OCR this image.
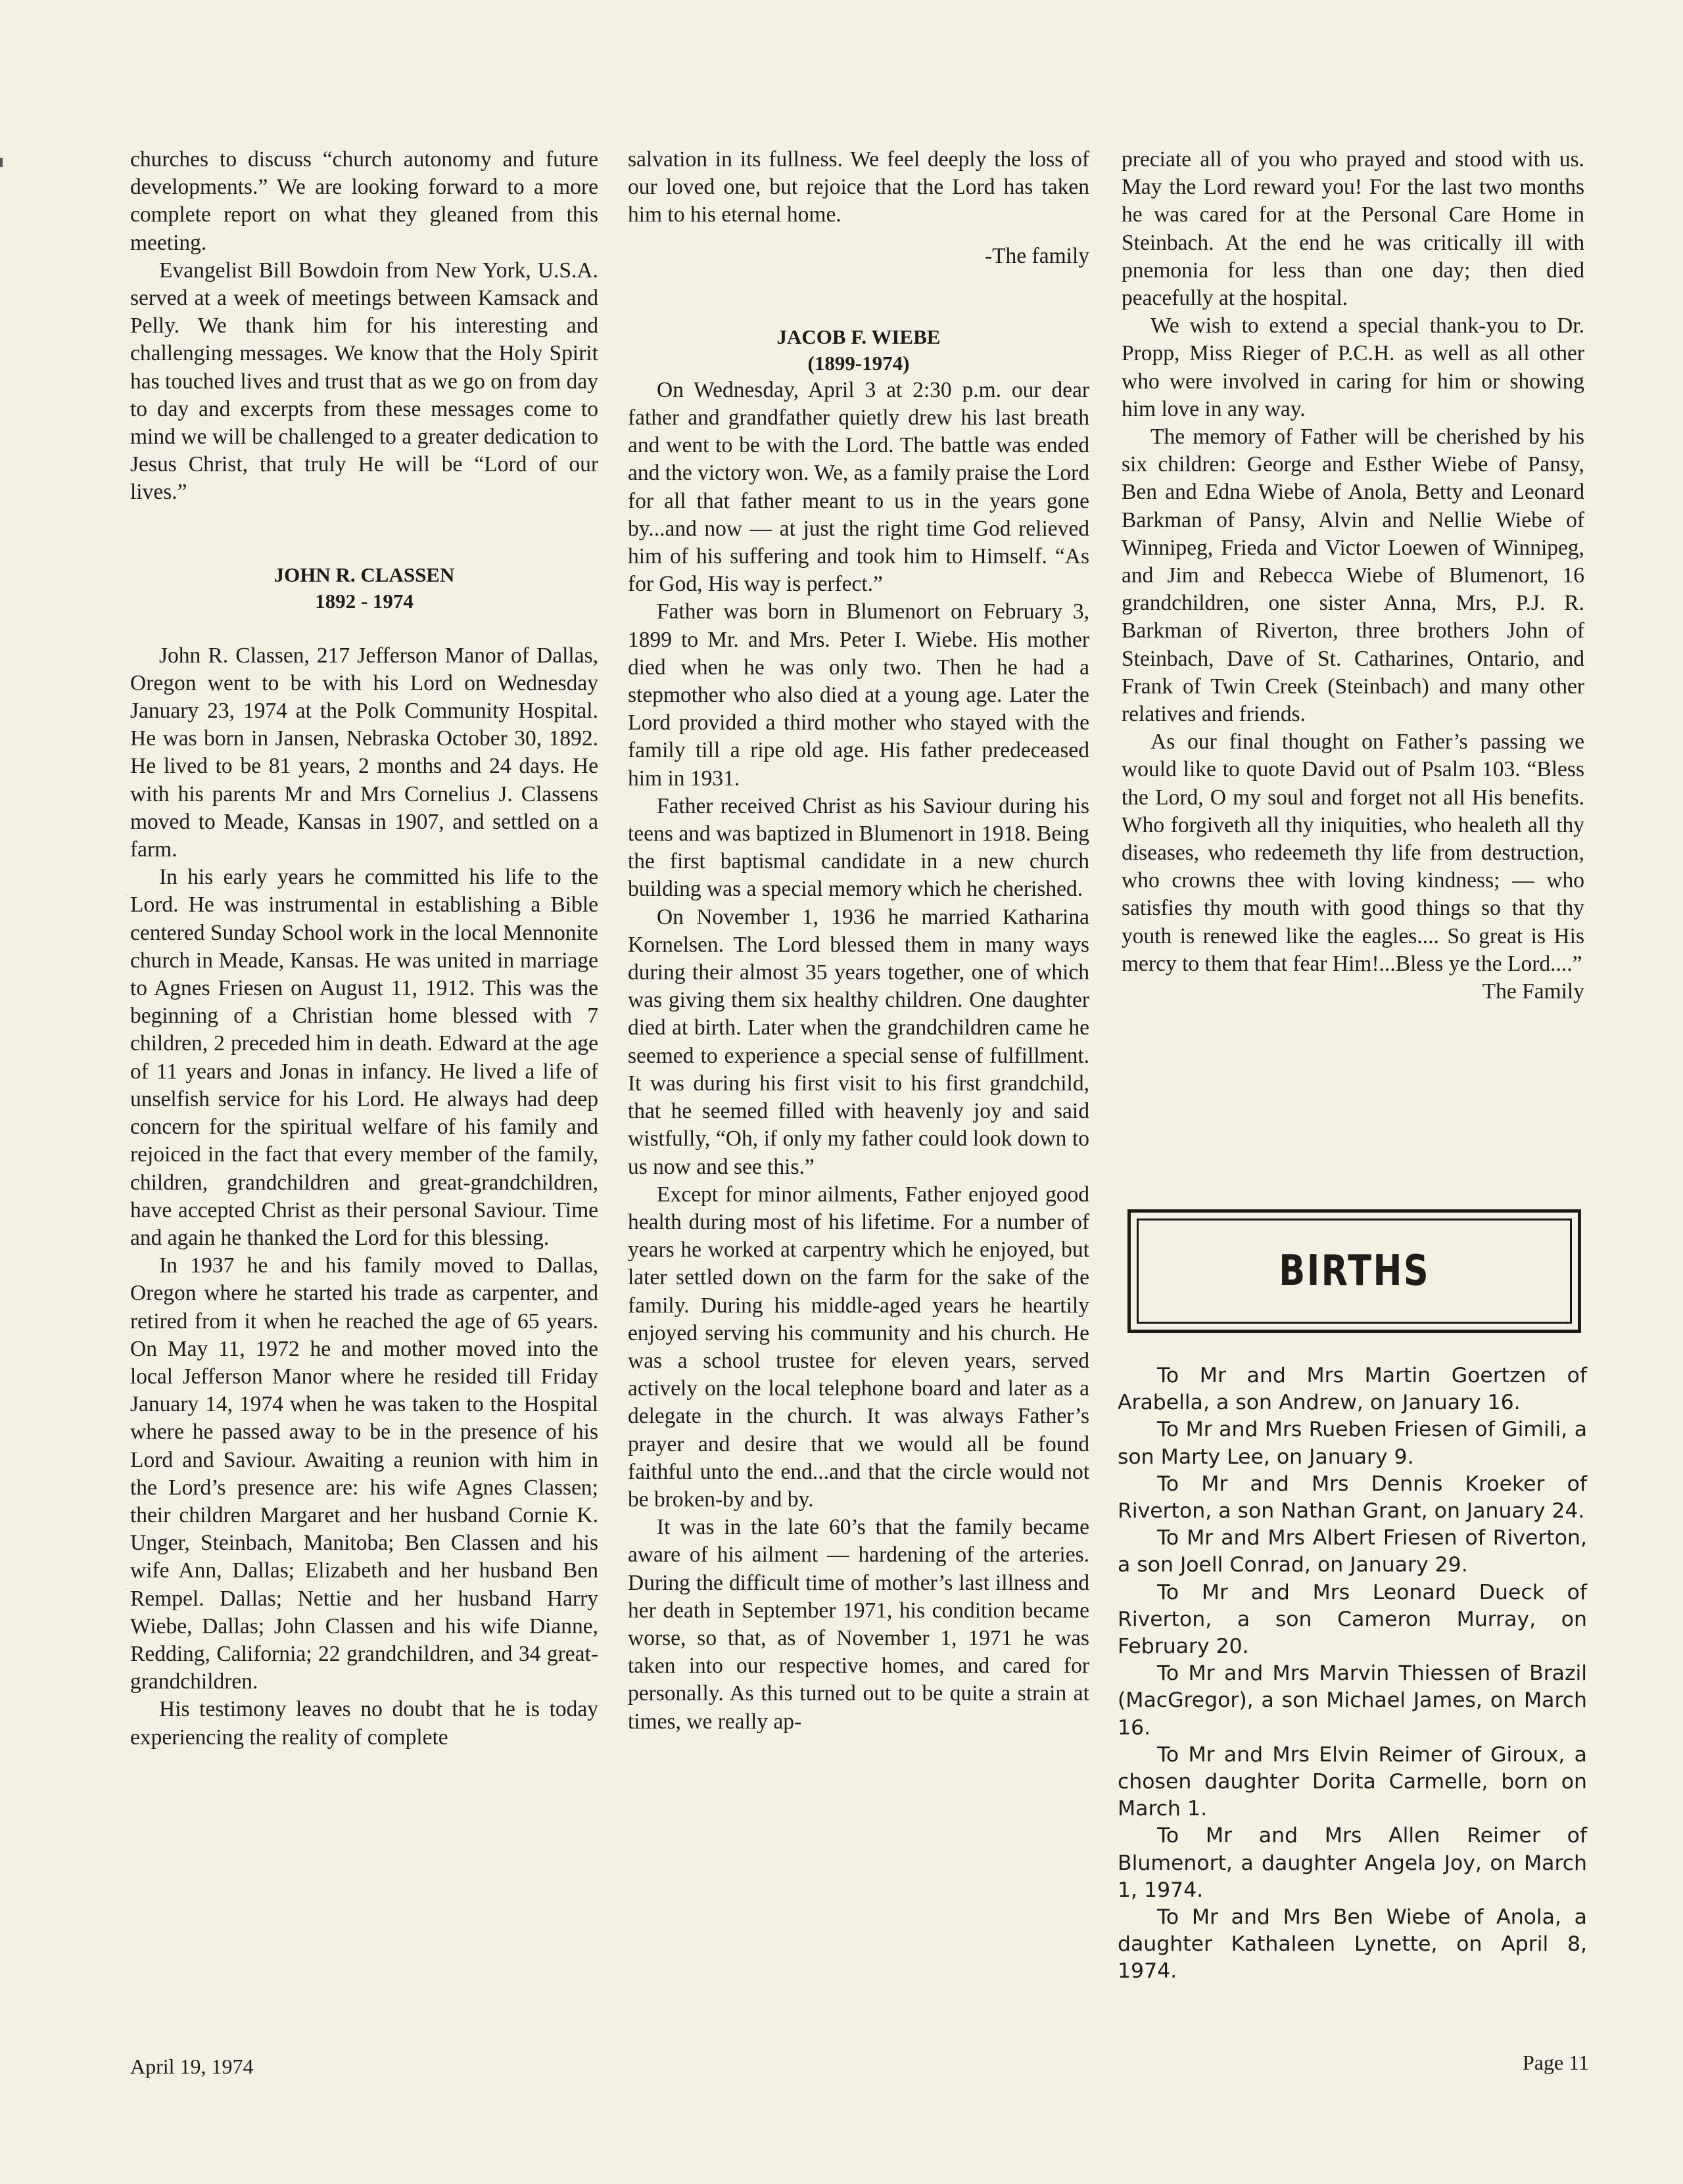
churches to discuss “church autonomy and future developments.” We are looking forward to a more complete report on what they gleaned from this meeting.

Evangelist Bill Bowdoin from New York, U.S.A. served at a week of meetings between Kamsack and Pelly. We thank him for his interesting and challenging messages. We know that the Holy Spirit has touched lives and trust that as we go on from day to day and excerpts from these messages come to mind we will be challenged to a greater dedication to Jesus Christ, that truly He will be “Lord of our lives.”

JOHN R. CLASSEN
1892 - 1974

John R. Classen, 217 Jefferson Manor of Dallas, Oregon went to be with his Lord on Wednesday January 23, 1974 at the Polk Community Hospital. He was born in Jansen, Nebraska October 30, 1892. He lived to be 81 years, 2 months and 24 days. He with his parents Mr and Mrs Cornelius J. Classens moved to Meade, Kansas in 1907, and settled on a farm.

In his early years he committed his life to the Lord. He was instrumental in establishing a Bible centered Sunday School work in the local Mennonite church in Meade, Kansas. He was united in marriage to Agnes Friesen on August 11, 1912. This was the beginning of a Christian home blessed with 7 children, 2 preceded him in death. Edward at the age of 11 years and Jonas in infancy. He lived a life of unselfish service for his Lord. He always had deep concern for the spiritual welfare of his family and rejoiced in the fact that every member of the family, children, grandchildren and great-grandchildren, have accepted Christ as their personal Saviour. Time and again he thanked the Lord for this blessing.

In 1937 he and his family moved to Dallas, Oregon where he started his trade as carpenter, and retired from it when he reached the age of 65 years. On May 11, 1972 he and mother moved into the local Jefferson Manor where he resided till Friday January 14, 1974 when he was taken to the Hospital where he passed away to be in the presence of his Lord and Saviour. Awaiting a reunion with him in the Lord’s presence are: his wife Agnes Classen; their children Margaret and her husband Cornie K. Unger, Steinbach, Manitoba; Ben Classen and his wife Ann, Dallas; Elizabeth and her husband Ben Rempel. Dallas; Nettie and her husband Harry Wiebe, Dallas; John Classen and his wife Dianne, Redding, California; 22 grandchildren, and 34 great-grandchildren.

His testimony leaves no doubt that he is today experiencing the reality of complete

salvation in its fullness. We feel deeply the loss of our loved one, but rejoice that the Lord has taken him to his eternal home.

-The family

JACOB F. WIEBE
(1899-1974)

On Wednesday, April 3 at 2:30 p.m. our dear father and grandfather quietly drew his last breath and went to be with the Lord. The battle was ended and the victory won. We, as a family praise the Lord for all that father meant to us in the years gone by...and now — at just the right time God relieved him of his suffering and took him to Himself. “As for God, His way is perfect.”

Father was born in Blumenort on February 3, 1899 to Mr. and Mrs. Peter I. Wiebe. His mother died when he was only two. Then he had a stepmother who also died at a young age. Later the Lord provided a third mother who stayed with the family till a ripe old age. His father predeceased him in 1931.

Father received Christ as his Saviour during his teens and was baptized in Blumenort in 1918. Being the first baptismal candidate in a new church building was a special memory which he cherished.

On November 1, 1936 he married Katharina Kornelsen. The Lord blessed them in many ways during their almost 35 years together, one of which was giving them six healthy children. One daughter died at birth. Later when the grandchildren came he seemed to experience a special sense of fulfillment. It was during his first visit to his first grandchild, that he seemed filled with heavenly joy and said wistfully, “Oh, if only my father could look down to us now and see this.”

Except for minor ailments, Father enjoyed good health during most of his lifetime. For a number of years he worked at carpentry which he enjoyed, but later settled down on the farm for the sake of the family. During his middle-aged years he heartily enjoyed serving his community and his church. He was a school trustee for eleven years, served actively on the local telephone board and later as a delegate in the church. It was always Father’s prayer and desire that we would all be found faithful unto the end...and that the circle would not be broken-by and by.

It was in the late 60’s that the family became aware of his ailment — hardening of the arteries. During the difficult time of mother’s last illness and her death in September 1971, his condition became worse, so that, as of November 1, 1971 he was taken into our respective homes, and cared for personally. As this turned out to be quite a strain at times, we really ap-

preciate all of you who prayed and stood with us. May the Lord reward you! For the last two months he was cared for at the Personal Care Home in Steinbach. At the end he was critically ill with pnemonia for less than one day; then died peacefully at the hospital.

We wish to extend a special thank-you to Dr. Propp, Miss Rieger of P.C.H. as well as all other who were involved in caring for him or showing him love in any way.

The memory of Father will be cherished by his six children: George and Esther Wiebe of Pansy, Ben and Edna Wiebe of Anola, Betty and Leonard Barkman of Pansy, Alvin and Nellie Wiebe of Winnipeg, Frieda and Victor Loewen of Winnipeg, and Jim and Rebecca Wiebe of Blumenort, 16 grandchildren, one sister Anna, Mrs, P.J. R. Barkman of Riverton, three brothers John of Steinbach, Dave of St. Catharines, Ontario, and Frank of Twin Creek (Steinbach) and many other relatives and friends.

As our final thought on Father’s passing we would like to quote David out of Psalm 103. “Bless the Lord, O my soul and forget not all His benefits. Who forgiveth all thy iniquities, who healeth all thy diseases, who redeemeth thy life from destruction, who crowns thee with loving kindness; — who satisfies thy mouth with good things so that thy youth is renewed like the eagles.... So great is His mercy to them that fear Him!...Bless ye the Lord....”

The Family

BIRTHS

To Mr and Mrs Martin Goertzen of Arabella, a son Andrew, on January 16.

To Mr and Mrs Rueben Friesen of Gimili, a son Marty Lee, on January 9.

To Mr and Mrs Dennis Kroeker of Riverton, a son Nathan Grant, on January 24.

To Mr and Mrs Albert Friesen of Riverton, a son Joell Conrad, on January 29.

To Mr and Mrs Leonard Dueck of Riverton, a son Cameron Murray, on February 20.

To Mr and Mrs Marvin Thiessen of Brazil (MacGregor), a son Michael James, on March 16.

To Mr and Mrs Elvin Reimer of Giroux, a chosen daughter Dorita Carmelle, born on March 1.

To Mr and Mrs Allen Reimer of Blumenort, a daughter Angela Joy, on March 1, 1974.

To Mr and Mrs Ben Wiebe of Anola, a daughter Kathaleen Lynette, on April 8, 1974.

April 19, 1974	Page 11
